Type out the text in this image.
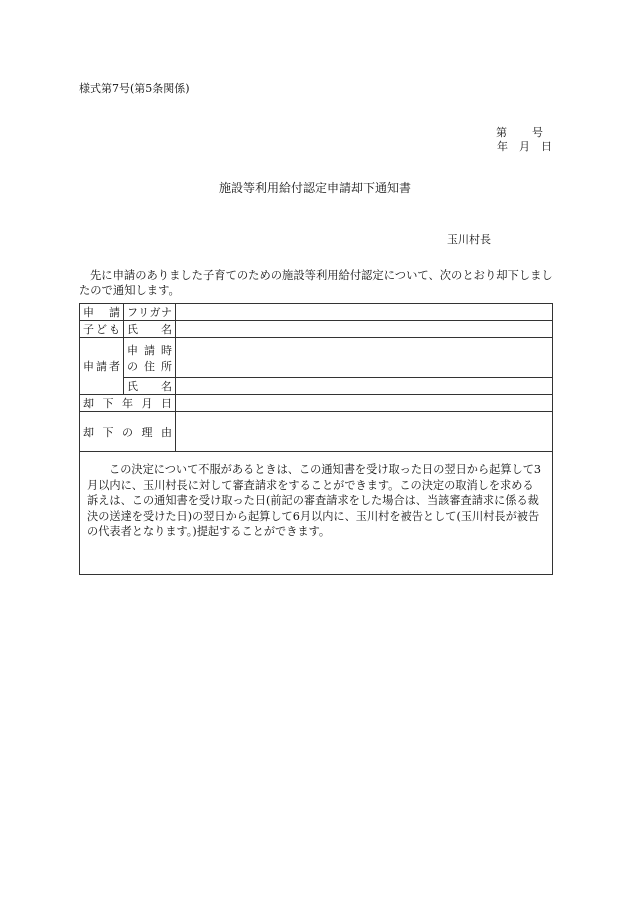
様式第7号(第5条関係)
第　　号
年　月　日
施設等利用給付認定申請却下通知書
玉川村長
先に申請のありました子育てのための施設等利用給付認定について、次のとおり却下しましたので通知します。
申　請	フリガナ	
子ども	氏　名	
申請者	申 請 時
の 住 所	

	氏　名	
却 下 年 月 日		
却 下 の 理 由		

この決定について不服があるときは、この通知書を受け取った日の翌日から起算して3月以内に、玉川村長に対して審査請求をすることができます。この決定の取消しを求める訴えは、この通知書を受け取った日(前記の審査請求をした場合は、当該審査請求に係る裁決の送達を受けた日)の翌日から起算して6月以内に、玉川村を被告として(玉川村長が被告の代表者となります。)提起することができます。		
